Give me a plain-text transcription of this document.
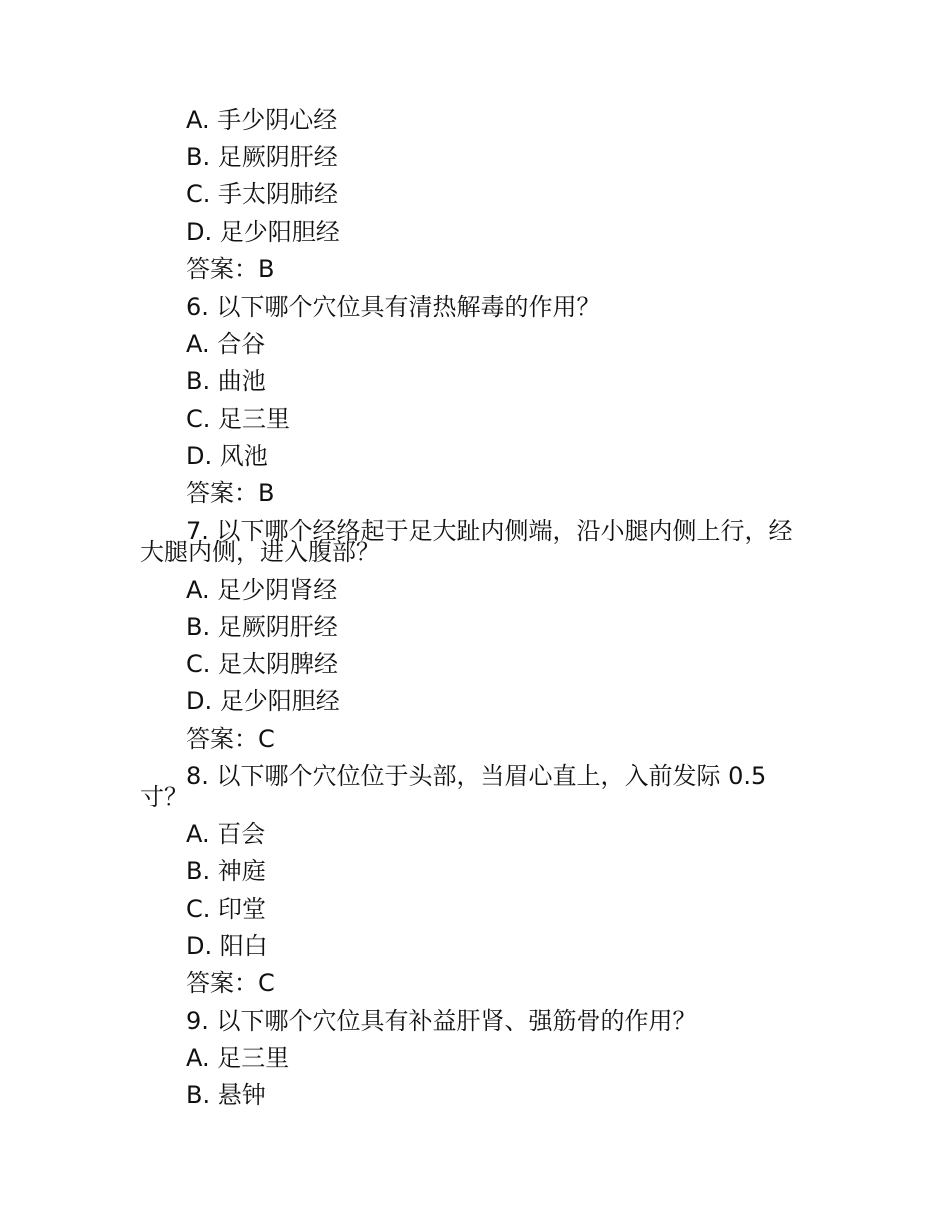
A. 手少阴心经
B. 足厥阴肝经
C. 手太阴肺经
D. 足少阳胆经
答案：B
6. 以下哪个穴位具有清热解毒的作用？
A. 合谷
B. 曲池
C. 足三里
D. 风池
答案：B
7. 以下哪个经络起于足大趾内侧端，沿小腿内侧上行，经
大腿内侧，进入腹部？
A. 足少阴肾经
B. 足厥阴肝经
C. 足太阴脾经
D. 足少阳胆经
答案：C
8. 以下哪个穴位位于头部，当眉心直上，入前发际 0.5
寸？
A. 百会
B. 神庭
C. 印堂
D. 阳白
答案：C
9. 以下哪个穴位具有补益肝肾、强筋骨的作用？
A. 足三里
B. 悬钟
